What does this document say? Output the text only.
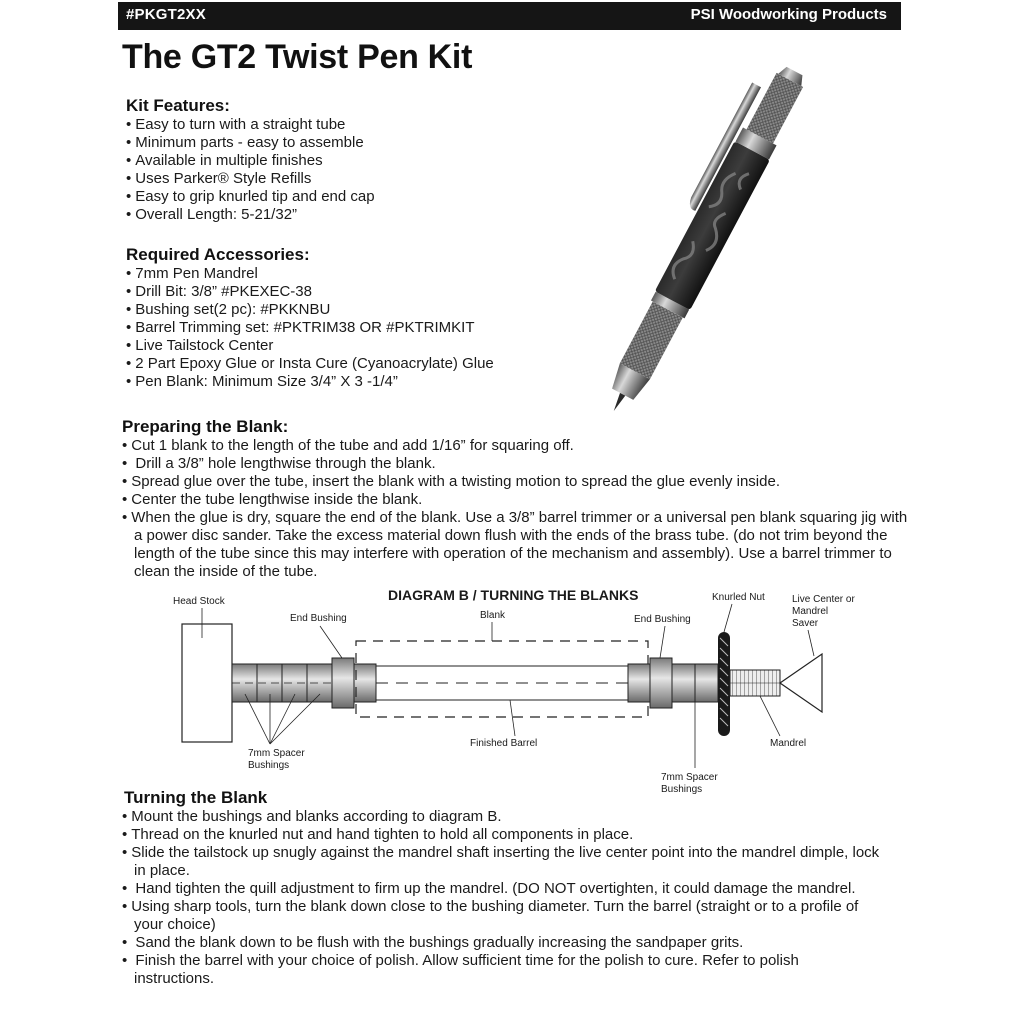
#PKGT2XX	PSI Woodworking Products
The GT2 Twist Pen Kit
Kit Features:
• Easy to turn with a straight tube
• Minimum parts - easy to assemble
• Available in multiple finishes
• Uses Parker® Style Refills
• Easy to grip knurled tip and end cap
• Overall Length: 5-21/32”
Required Accessories:
• 7mm Pen Mandrel
• Drill Bit: 3/8” #PKEXEC-38
• Bushing set(2 pc): #PKKNBU
• Barrel Trimming set: #PKTRIM38 OR #PKTRIMKIT
• Live Tailstock Center
• 2 Part Epoxy Glue or Insta Cure (Cyanoacrylate) Glue
• Pen Blank: Minimum Size 3/4” X 3 -1/4”
Preparing the Blank:
• Cut 1 blank to the length of the tube and add 1/16” for squaring off.
• Drill a 3/8” hole lengthwise through the blank.
• Spread glue over the tube, insert the blank with a twisting motion to spread the glue evenly inside.
• Center the tube lengthwise inside the blank.
• When the glue is dry, square the end of the blank. Use a 3/8” barrel trimmer or a universal pen blank squaring jig with a power disc sander. Take the excess material down flush with the ends of the brass tube. (do not trim beyond the length of the tube since this may interfere with operation of the mechanism and assembly). Use a barrel trimmer to clean the inside of the tube.
DIAGRAM B / TURNING THE BLANKS
Head Stock
End Bushing	Blank	End Bushing
Knurled Nut	Live Center or
Mandrel
Saver
7mm Spacer
Bushings
Finished Barrel	Mandrel
7mm Spacer
Bushings
Turning the Blank
• Mount the bushings and blanks according to diagram B.
• Thread on the knurled nut and hand tighten to hold all components in place.
• Slide the tailstock up snugly against the mandrel shaft inserting the live center point into the mandrel dimple, lock in place.
• Hand tighten the quill adjustment to firm up the mandrel. (DO NOT overtighten, it could damage the mandrel.
• Using sharp tools, turn the blank down close to the bushing diameter. Turn the barrel (straight or to a profile of your choice)
• Sand the blank down to be flush with the bushings gradually increasing the sandpaper grits.
• Finish the barrel with your choice of polish. Allow sufficient time for the polish to cure. Refer to polish instructions.
